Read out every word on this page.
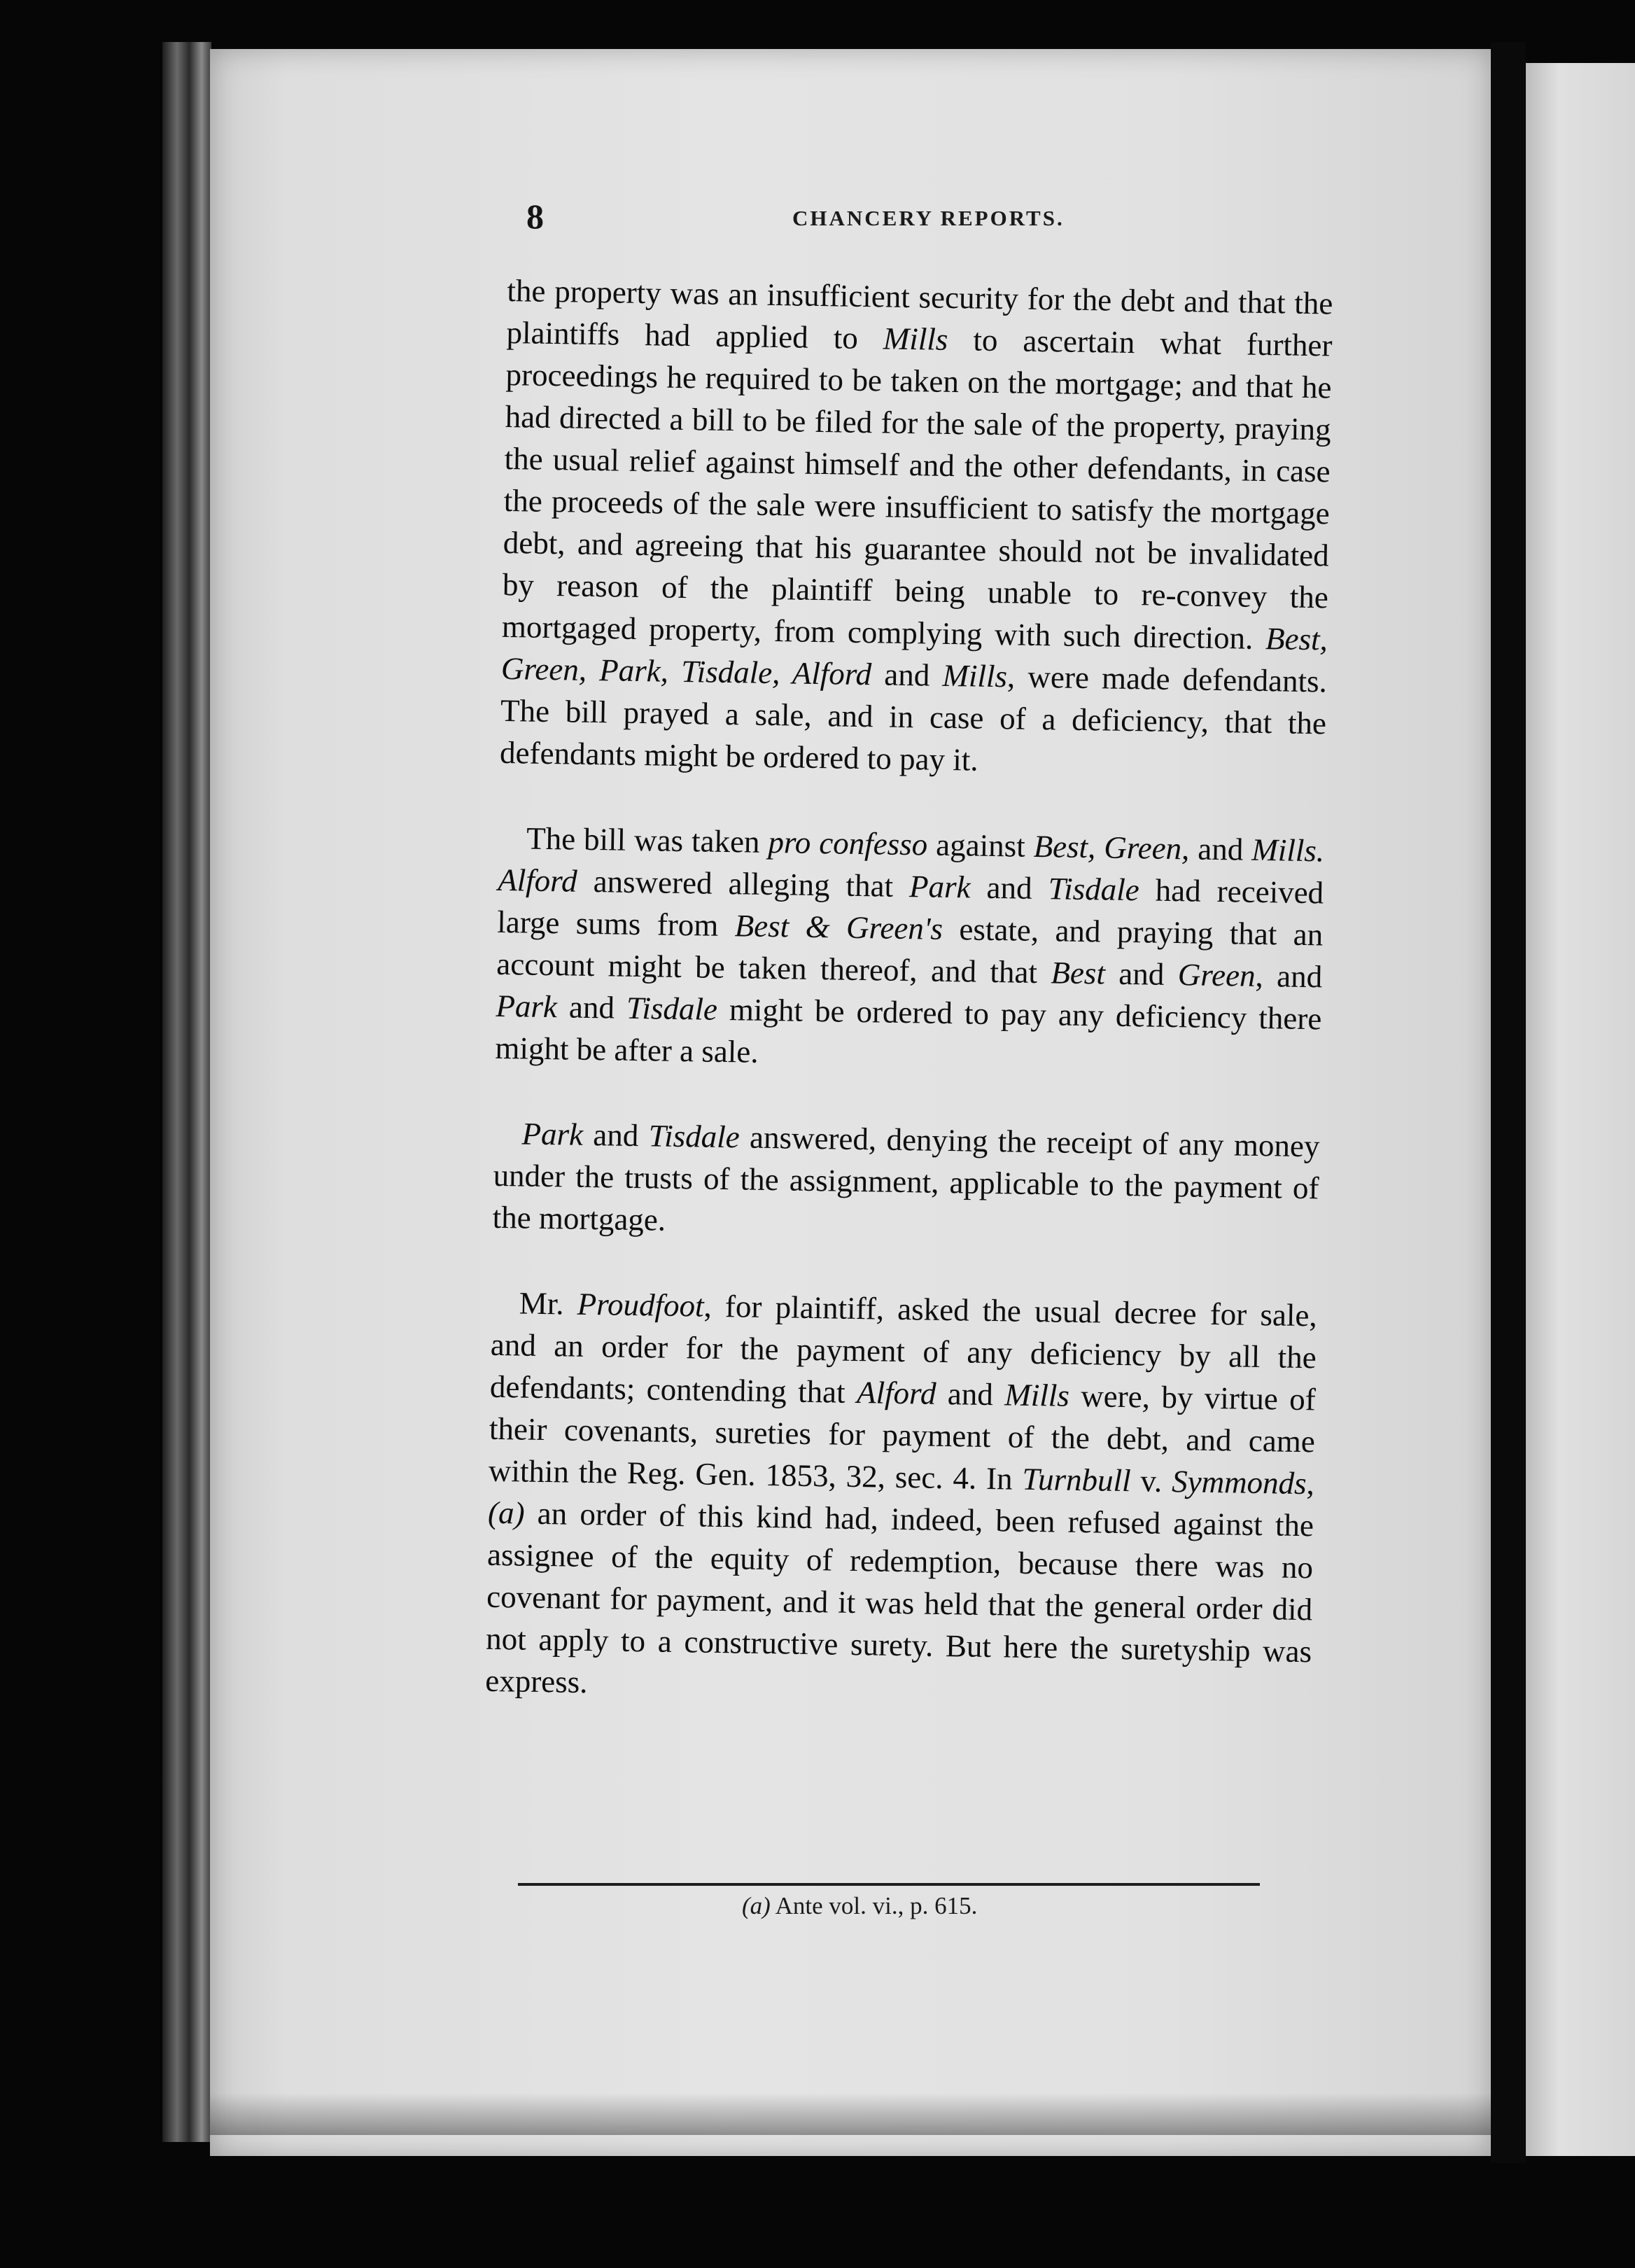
8	CHANCERY REPORTS.

the property was an insufficient security for the debt and that the plaintiffs had applied to Mills to ascertain what further proceedings he required to be taken on the mortgage; and that he had directed a bill to be filed for the sale of the property, praying the usual relief against himself and the other defendants, in case the proceeds of the sale were insufficient to satisfy the mortgage debt, and agreeing that his guarantee should not be invalidated by reason of the plaintiff being unable to re-convey the mortgaged property, from complying with such direction. Best, Green, Park, Tisdale, Alford and Mills, were made defendants. The bill prayed a sale, and in case of a deficiency, that the defendants might be ordered to pay it.

The bill was taken pro confesso against Best, Green, and Mills. Alford answered alleging that Park and Tisdale had received large sums from Best & Green's estate, and praying that an account might be taken thereof, and that Best and Green, and Park and Tisdale might be ordered to pay any deficiency there might be after a sale.

Park and Tisdale answered, denying the receipt of any money under the trusts of the assignment, applicable to the payment of the mortgage.

Mr. Proudfoot, for plaintiff, asked the usual decree for sale, and an order for the payment of any deficiency by all the defendants; contending that Alford and Mills were, by virtue of their covenants, sureties for payment of the debt, and came within the Reg. Gen. 1853, 32, sec. 4. In Turnbull v. Symmonds, (a) an order of this kind had, indeed, been refused against the assignee of the equity of redemption, because there was no covenant for payment, and it was held that the general order did not apply to a constructive surety. But here the suretyship was express.

(a) Ante vol. vi., p. 615.
